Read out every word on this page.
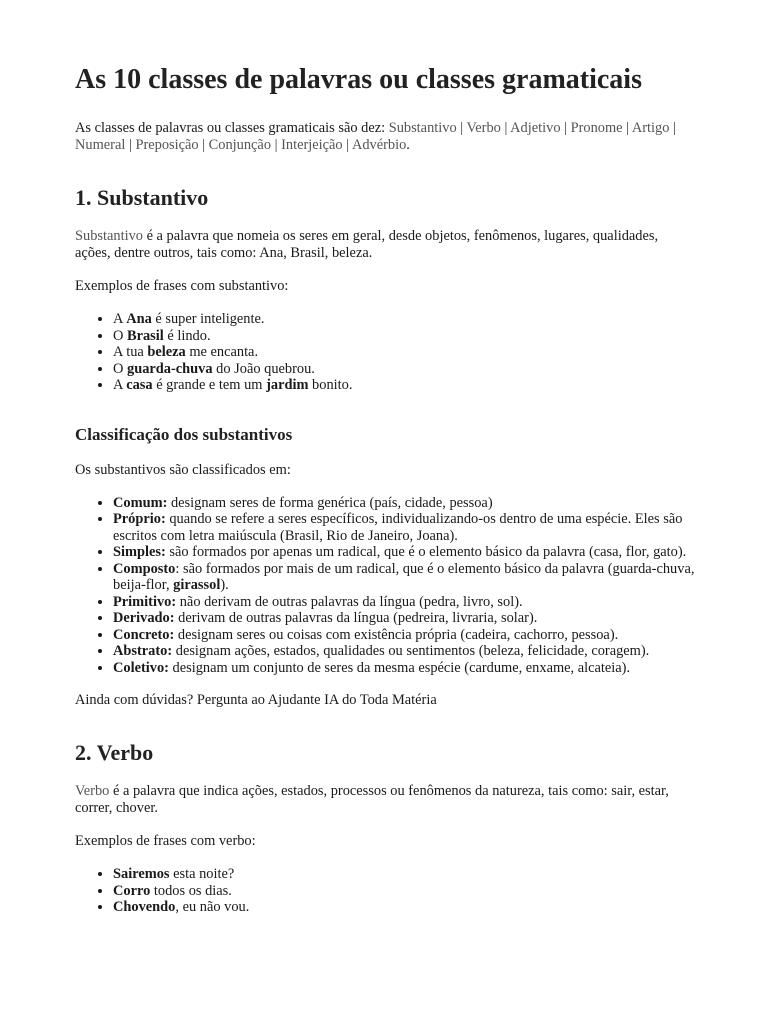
As 10 classes de palavras ou classes gramaticais

As classes de palavras ou classes gramaticais são dez: Substantivo | Verbo | Adjetivo | Pronome | Artigo | Numeral | Preposição | Conjunção | Interjeição | Advérbio.

1. Substantivo

Substantivo é a palavra que nomeia os seres em geral, desde objetos, fenômenos, lugares, qualidades, ações, dentre outros, tais como: Ana, Brasil, beleza.

Exemplos de frases com substantivo:

• A Ana é super inteligente.
• O Brasil é lindo.
• A tua beleza me encanta.
• O guarda-chuva do João quebrou.
• A casa é grande e tem um jardim bonito.
Classificação dos substantivos

Os substantivos são classificados em:

• Comum: designam seres de forma genérica (país, cidade, pessoa)
• Próprio: quando se refere a seres específicos, individualizando-os dentro de uma espécie. Eles são escritos com letra maiúscula (Brasil, Rio de Janeiro, Joana).
• Simples: são formados por apenas um radical, que é o elemento básico da palavra (casa, flor, gato).
• Composto: são formados por mais de um radical, que é o elemento básico da palavra (guarda-chuva, beija-flor, girassol).
• Primitivo: não derivam de outras palavras da língua (pedra, livro, sol).
• Derivado: derivam de outras palavras da língua (pedreira, livraria, solar).
• Concreto: designam seres ou coisas com existência própria (cadeira, cachorro, pessoa).
• Abstrato: designam ações, estados, qualidades ou sentimentos (beleza, felicidade, coragem).
• Coletivo: designam um conjunto de seres da mesma espécie (cardume, enxame, alcateia).

Ainda com dúvidas? Pergunta ao Ajudante IA do Toda Matéria

2. Verbo

Verbo é a palavra que indica ações, estados, processos ou fenômenos da natureza, tais como: sair, estar, correr, chover.

Exemplos de frases com verbo:

• Sairemos esta noite?
• Corro todos os dias.
• Chovendo, eu não vou.
